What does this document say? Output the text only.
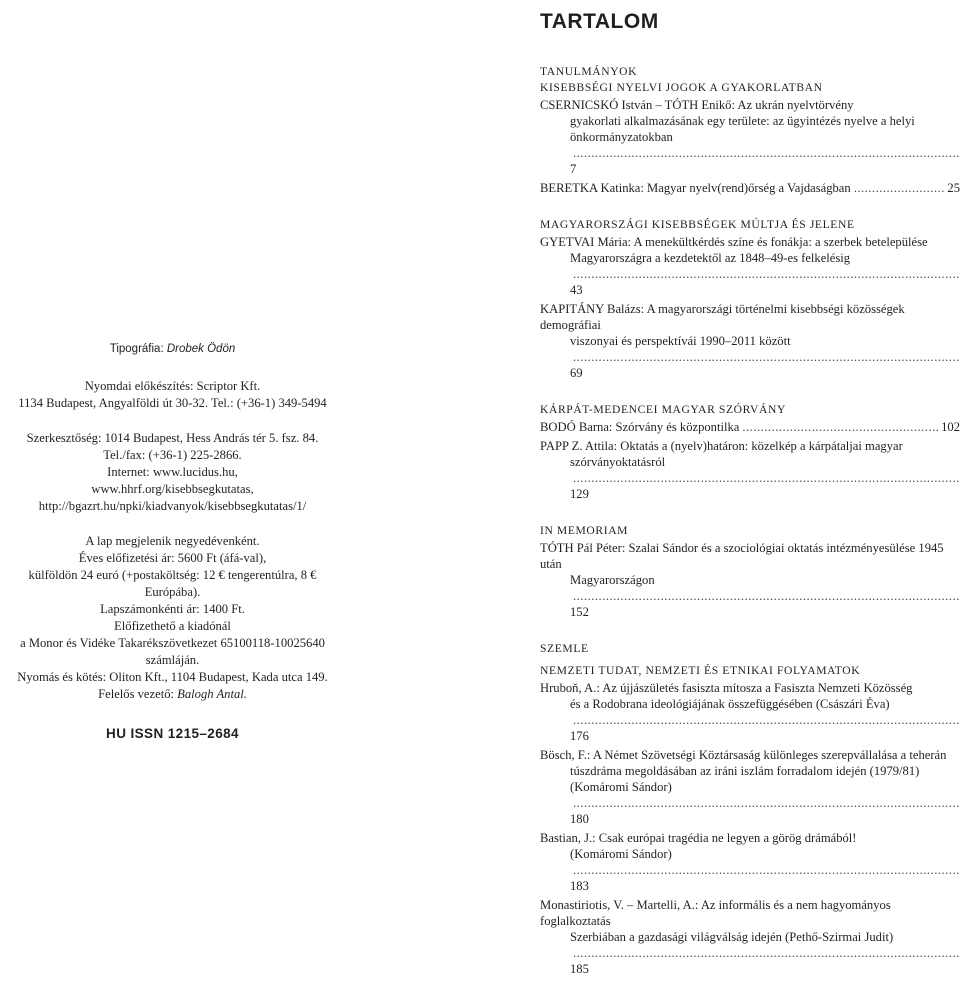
TARTALOM
TANULMÁNYOK
KISEBBSÉGI NYELVI JOGOK A GYAKORLATBAN
CSERNICSKÓ István – TÓTH Enikő: Az ukrán nyelvtörvény
gyakorlati alkalmazásának egy területe: az ügyintézés nyelve a helyi
önkormányzatokban ..... 7
BERETKA Katinka: Magyar nyelv(rend)őrség a Vajdaságban .....	25
MAGYARORSZÁGI KISEBBSÉGEK MÚLTJA ÉS JELENE
GYETVAI Mária: A menekültkérdés színe és fonákja: a szerbek betelepülése
Magyarországra a kezdetektől az 1848–49-es felkelésig ..... 43
KAPITÁNY Balázs: A magyarországi történelmi kisebbségi közösségek demográfiai
viszonyai és perspektívái 1990–2011 között ..... 69
KÁRPÁT-MEDENCEI MAGYAR SZÓRVÁNY
BODÓ Barna: Szórvány és központilka .....	102
PAPP Z. Attila: Oktatás a (nyelv)határon: közelkép a kárpátaljai magyar
szórványoktatásról ..... 129
IN MEMORIAM
TÓTH Pál Péter: Szalai Sándor és a szociológiai oktatás intézményesülése 1945 után
Magyarországon ..... 152
SZEMLE
NEMZETI TUDAT, NEMZETI ÉS ETNIKAI FOLYAMATOK
Hruboň, A.: Az újjászületés fasiszta mítosza a Fasiszta Nemzeti Közösség
és a Rodobrana ideológiájának összefüggésében (Császári Éva) ..... 176
Bösch, F.: A Német Szövetségi Köztársaság különleges szerepvállalása a teherán
túszdráma megoldásában az iráni iszlám forradalom idején (1979/81)
(Komáromi Sándor) ..... 180
Bastian, J.: Csak európai tragédia ne legyen a görög drámából!
(Komáromi Sándor) ..... 183
Monastiriotis, V. – Martelli, A.: Az informális és a nem hagyományos foglalkoztatás
Szerbiában a gazdasági világválság idején (Pethő-Szirmai Judit) ..... 185

Tipográfia: Drobek Ödön

Nyomdai előkészítés: Scriptor Kft.

1134 Budapest, Angyalföldi út 30-32. Tel.: (+36-1) 349-5494

Szerkesztőség: 1014 Budapest, Hess András tér 5. fsz. 84.

Tel./fax: (+36-1) 225-2866.

Internet: www.lucidus.hu,

www.hhrf.org/kisebbsegkutatas,

http://bgazrt.hu/npki/kiadvanyok/kisebbsegkutatas/1/

A lap megjelenik negyedévenként.

Éves előfizetési ár: 5600 Ft (áfá-val),

külföldön 24 euró (+postaköltség: 12 € tengerentúlra, 8 € Európába).

Lapszámonkénti ár: 1400 Ft.

Előfizethető a kiadónál

a Monor és Vidéke Takarékszövetkezet 65100118-10025640 számláján.

Nyomás és kötés: Oliton Kft., 1104 Budapest, Kada utca 149.

Felelős vezető: Balogh Antal.

HU ISSN 1215–2684
